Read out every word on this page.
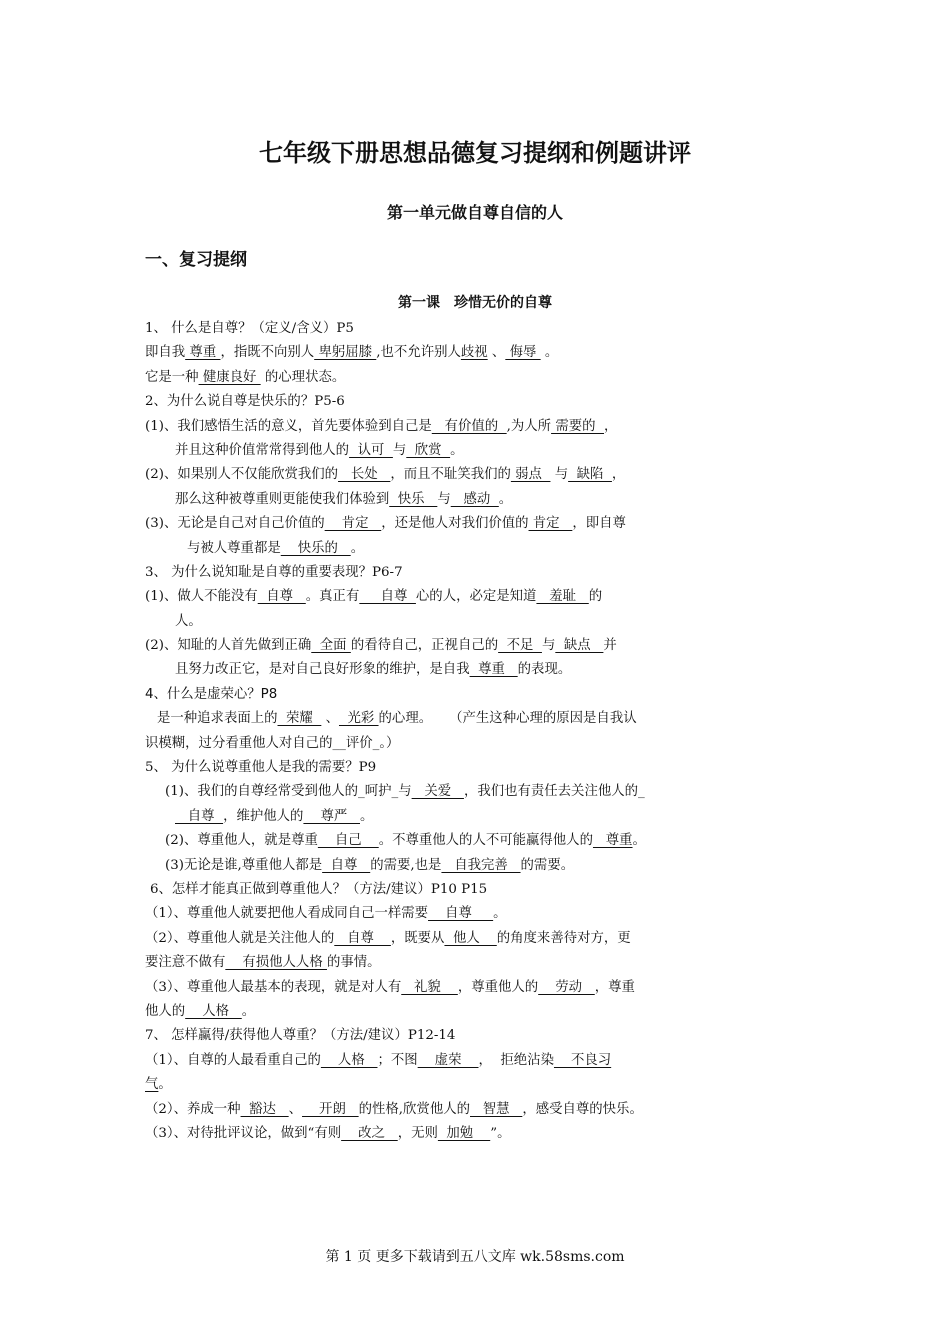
七年级下册思想品德复习提纲和例题讲评
第一单元做自尊自信的人
一、复习提纲
第一课　珍惜无价的自尊
1、 什么是自尊？（定义/含义）P5
即自我 尊重 ，指既不向别人 卑躬屈膝 ,也不允许别人歧视 、 侮辱  。
它是一种 健康良好  的心理状态。
2、为什么说自尊是快乐的？P5-6
(1)、我们感悟生活的意义，首先要体验到自己是   有价值的  ,为人所 需要的  ，
并且这种价值常常得到他人的  认可  与  欣赏  。
(2)、如果别人不仅能欣赏我们的   长处   ，而且不耻笑我们的 弱点   与  缺陷  ，
那么这种被尊重则更能使我们体验到  快乐   与   感动  。
(3)、无论是自己对自己价值的    肯定   ，还是他人对我们价值的 肯定   ，即自尊
与被人尊重都是    快乐的   。
3、 为什么说知耻是自尊的重要表现？P6-7
(1)、做人不能没有  自尊   。真正有     自尊  心的人，必定是知道   羞耻   的
人。
(2)、知耻的人首先做到正确  全面 的看待自己，正视自己的  不足  与  缺点   并
且努力改正它，是对自己良好形象的维护，是自我  尊重   的表现。
4、什么是虚荣心？P8
是一种追求表面上的  荣耀   、  光彩 的心理。    （产生这种心理的原因是自我认
识模糊，过分看重他人对自己的__评价_。）
5、 为什么说尊重他人是我的需要？P9
(1)、我们的自尊经常受到他人的_呵护_与   关爱   ，我们也有责任去关注他人的_
自尊  ，维护他人的    尊严   。
(2)、尊重他人，就是尊重    自己    。不尊重他人的人不可能赢得他人的   尊重。
(3)无论是谁,尊重他人都是  自尊   的需要,也是   自我完善   的需要。
6、怎样才能真正做到尊重他人？（方法/建议）P10 P15
（1）、尊重他人就要把他人看成同自己一样需要    自尊     。
（2）、尊重他人就是关注他人的   自尊    ，既要从  他人    的角度来善待对方，更
要注意不做有    有损他人人格 的事情。
（3）、尊重他人最基本的表现，就是对人有   礼貌    ，尊重他人的    劳动   ，尊重
他人的    人格   。
7、 怎样赢得/获得他人尊重？（方法/建议）P12-14
（1）、自尊的人最看重自己的    人格   ；不图    虚荣    ，  拒绝沾染    不良习
气。
（2）、养成一种  豁达   、    开朗   的性格,欣赏他人的   智慧   ，感受自尊的快乐。
（3）、对待批评议论，做到“有则    改之   ，无则  加勉    ”。
第 1 页 更多下载请到五八文库 wk.58sms.com
